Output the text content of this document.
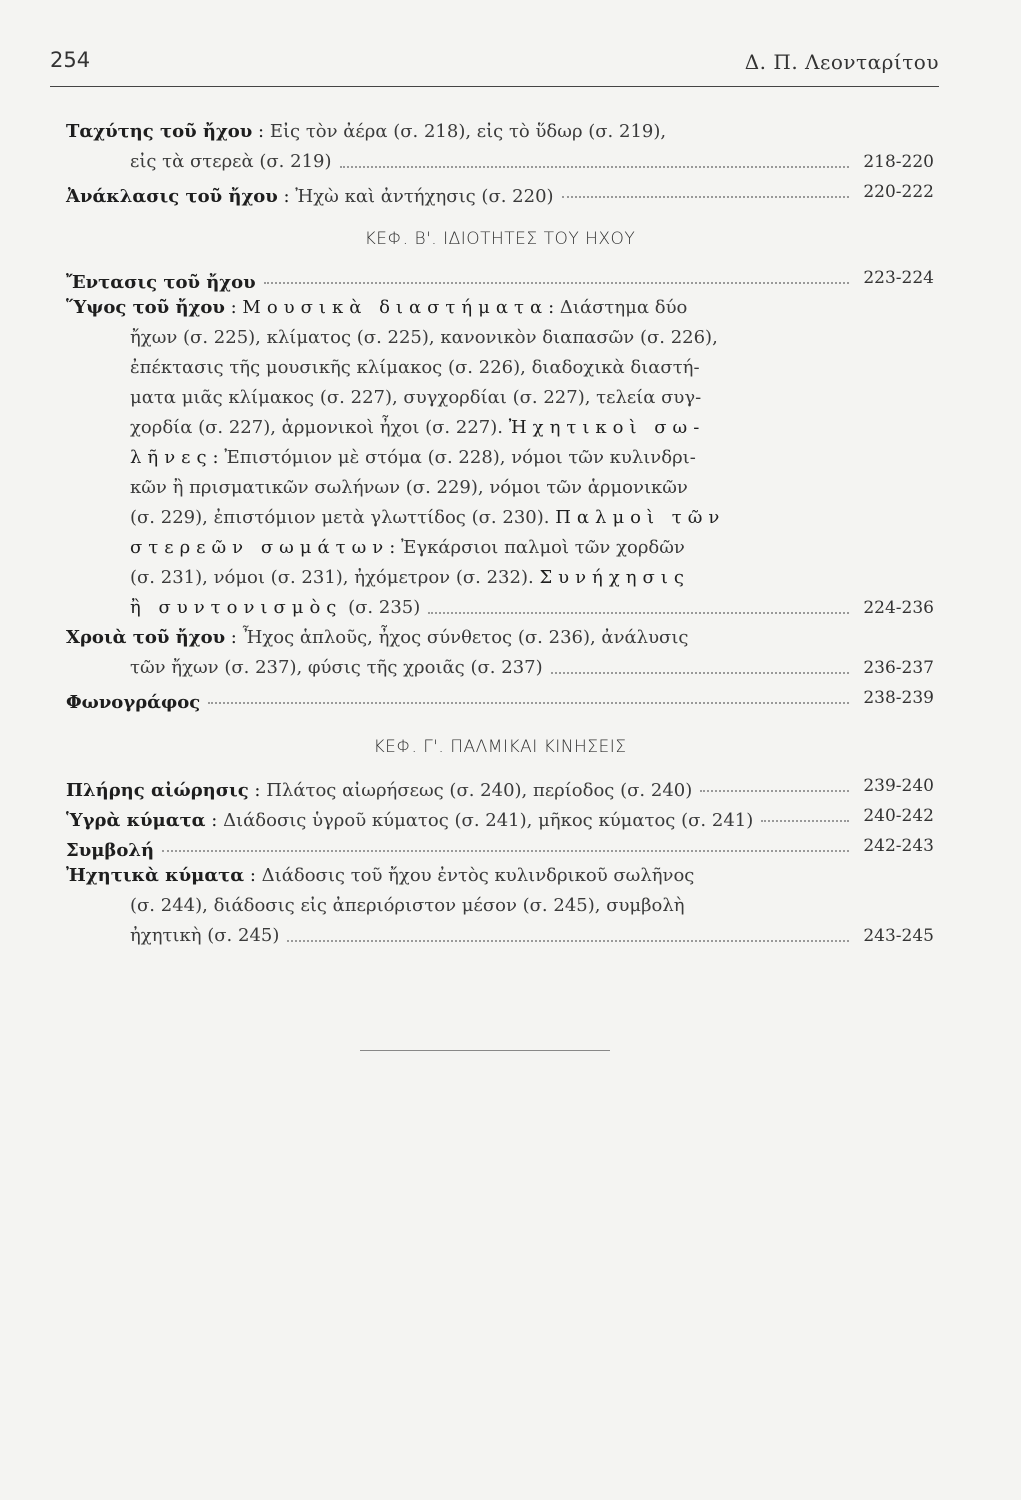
254	Δ. Π. Λεονταρίτου
Ταχύτης τοῦ ἤχου : Εἰς τὸν ἀέρα (σ. 218), εἰς τὸ ὕδωρ (σ. 219),
εἰς τὰ στερεὰ (σ. 219)	218-220
Ἀνάκλασις τοῦ ἤχου : Ἠχὼ καὶ ἀντήχησις (σ. 220)	220-222
ΚΕΦ. Β'. ΙΔΙΟΤΗΤΕΣ ΤΟΥ ΗΧΟΥ
Ἔντασις τοῦ ἤχου	223-224
Ὕψος τοῦ ἤχου : Μουσικὰ διαστήματα: Διάστημα δύο
ἤχων (σ. 225), κλίματος (σ. 225), κανονικὸν διαπασῶν (σ. 226),
ἐπέκτασις τῆς μουσικῆς κλίμακος (σ. 226), διαδοχικὰ διαστή-
ματα μιᾶς κλίμακος (σ. 227), συγχορδίαι (σ. 227), τελεία συγ-
χορδία (σ. 227), ἁρμονικοὶ ἦχοι (σ. 227). Ἠχητικοὶ σω-
λῆνες: Ἐπιστόμιον μὲ στόμα (σ. 228), νόμοι τῶν κυλινδρι-
κῶν ἢ πρισματικῶν σωλήνων (σ. 229), νόμοι τῶν ἁρμονικῶν
(σ. 229), ἐπιστόμιον μετὰ γλωττίδος (σ. 230). Παλμοὶ τῶν
στερεῶν σωμάτων: Ἐγκάρσιοι παλμοὶ τῶν χορδῶν
(σ. 231), νόμοι (σ. 231), ἠχόμετρον (σ. 232). Συνήχησις
ἢ συντονισμὸς (σ. 235)	224-236
Χροιὰ τοῦ ἤχου : Ἦχος ἁπλοῦς, ἦχος σύνθετος (σ. 236), ἀνάλυσις
τῶν ἤχων (σ. 237), φύσις τῆς χροιᾶς (σ. 237)	236-237
Φωνογράφος	238-239
ΚΕΦ. Γ'. ΠΑΛΜΙΚΑΙ ΚΙΝΗΣΕΙΣ
Πλήρης αἰώρησις : Πλάτος αἰωρήσεως (σ. 240), περίοδος (σ. 240)	239-240
Ὑγρὰ κύματα : Διάδοσις ὑγροῦ κύματος (σ. 241), μῆκος κύματος (σ. 241)	240-242
Συμβολή	242-243
Ἠχητικὰ κύματα : Διάδοσις τοῦ ἤχου ἐντὸς κυλινδρικοῦ σωλῆνος
(σ. 244), διάδοσις εἰς ἀπεριόριστον μέσον (σ. 245), συμβολὴ
ἠχητικὴ (σ. 245)	243-245
